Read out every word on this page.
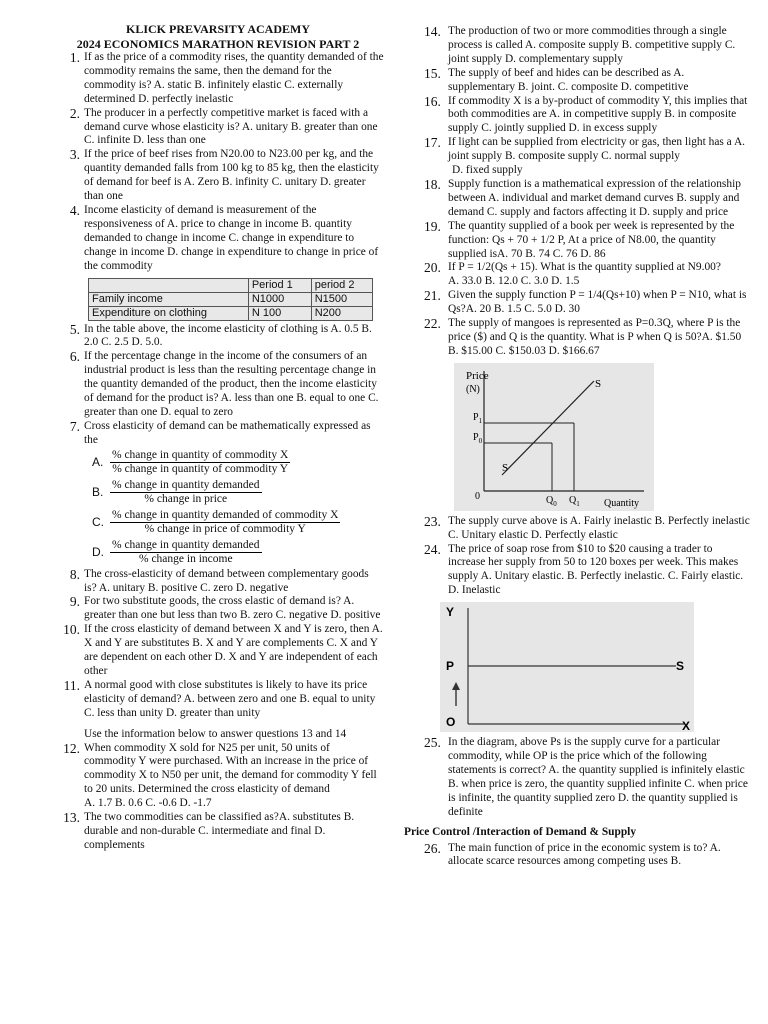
KLICK PREVARSITY ACADEMY
2024 ECONOMICS MARATHON REVISION PART 2
1. If as the price of a commodity rises, the quantity demanded of the commodity remains the same, then the demand for the commodity is? A. static B. infinitely elastic C. externally determined D. perfectly inelastic
2. The producer in a perfectly competitive market is faced with a demand curve whose elasticity is? A. unitary B. greater than one C. infinite D. less than one
3. If the price of beef rises from N20.00 to N23.00 per kg, and the quantity demanded falls from 100 kg to 85 kg, then the elasticity of demand for beef is A. Zero B. infinity C. unitary D. greater than one
4. Income elasticity of demand is measurement of the responsiveness of A. price to change in income B. quantity demanded to change in income C. change in expenditure to change in income D. change in expenditure to change in price of the commodity
	Period 1	period 2
Family income	N1000	N1500
Expenditure on clothing	N 100	N200
5. In the table above, the income elasticity of clothing is A. 0.5 B. 2.0 C. 2.5 D. 5.0.
6. If the percentage change in the income of the consumers of an industrial product is less than the resulting percentage change in the quantity demanded of the product, then the income elasticity of demand for the product is? A. less than one B. equal to one C. greater than one D. equal to zero
7. Cross elasticity of demand can be mathematically expressed as the
A. $\frac{\text{\% change in quantity of commodity X}}{\text{\% change in quantity of commodity Y}}$
B. $\frac{\text{\% change in quantity demanded}}{\text{\% change in price}}$
C. $\frac{\text{\% change in quantity demanded of commodity X}}{\text{\% change in price of commodity Y}}$
D. $\frac{\text{\% change in quantity demanded}}{\text{\% change in income}}$
8. The cross-elasticity of demand between complementary goods is? A. unitary B. positive C. zero D. negative
9. For two substitute goods, the cross elastic of demand is? A. greater than one but less than two B. zero C. negative D. positive
10. If the cross elasticity of demand between X and Y is zero, then A. X and Y are substitutes B. X and Y are complements C. X and Y are dependent on each other D. X and Y are independent of each other
11. A normal good with close substitutes is likely to have its price elasticity of demand? A. between zero and one B. equal to unity C. less than unity D. greater than unity
Use the information below to answer questions 13 and 14
12. When commodity X sold for N25 per unit, 50 units of commodity Y were purchased. With an increase in the price of commodity X to N50 per unit, the demand for commodity Y fell to 20 units. Determined the cross elasticity of demand
A. 1.7 B. 0.6 C. -0.6 D. -1.7
13. The two commodities can be classified as?A. substitutes B. durable and non-durable C. intermediate and final D. complements
14. The production of two or more commodities through a single process is called A. composite supply B. competitive supply C. joint supply D. complementary supply
15. The supply of beef and hides can be described as A. supplementary B. joint. C. composite D. competitive
16. If commodity X is a by-product of commodity Y, this implies that both commodities are A. in competitive supply B. in composite supply C. jointly supplied D. in excess supply
17. If light can be supplied from electricity or gas, then light has a A. joint supply B. composite supply C. normal supply
D. fixed supply
18. Supply function is a mathematical expression of the relationship between A. individual and market demand curves B. supply and demand C. supply and factors affecting it D. supply and price
19. The quantity supplied of a book per week is represented by the function: Qs + 70 + 1/2 P, At a price of N8.00, the quantity supplied isA. 70 B. 74 C. 76 D. 86
20. If P = 1/2(Qs + 15). What is the quantity supplied at N9.00?
A. 33.0 B. 12.0 C. 3.0 D. 1.5
21. Given the supply function P = 1/4(Qs+10) when P = N10, what is Qs?A. 20 B. 1.5 C. 5.0 D. 30
22. The supply of mangoes is represented as P=0.3Q, where P is the price ($) and Q is the quantity. What is P when Q is 50?A. $1.50 B. $15.00 C. $150.03 D. $166.67
Price
(N)	S
S
$P_1$
$P_0$
0	$Q_0$ $Q_1$ Quantity
23. The supply curve above is A. Fairly inelastic B. Perfectly inelastic C. Unitary elastic D. Perfectly elastic
24. The price of soap rose from $10 to $20 causing a trader to increase her supply from 50 to 120 boxes per week. This makes supply A. Unitary elastic. B. Perfectly inelastic. C. Fairly elastic. D. Inelastic
Y
X
P	S
O
25. In the diagram, above Ps is the supply curve for a particular commodity, while OP is the price which of the following statements is correct? A. the quantity supplied is infinitely elastic B. when price is zero, the quantity supplied infinite C. when price is infinite, the quantity supplied zero D. the quantity supplied is definite
Price Control /Interaction of Demand & Supply
26. The main function of price in the economic system is to? A. allocate scarce resources among competing uses B.
